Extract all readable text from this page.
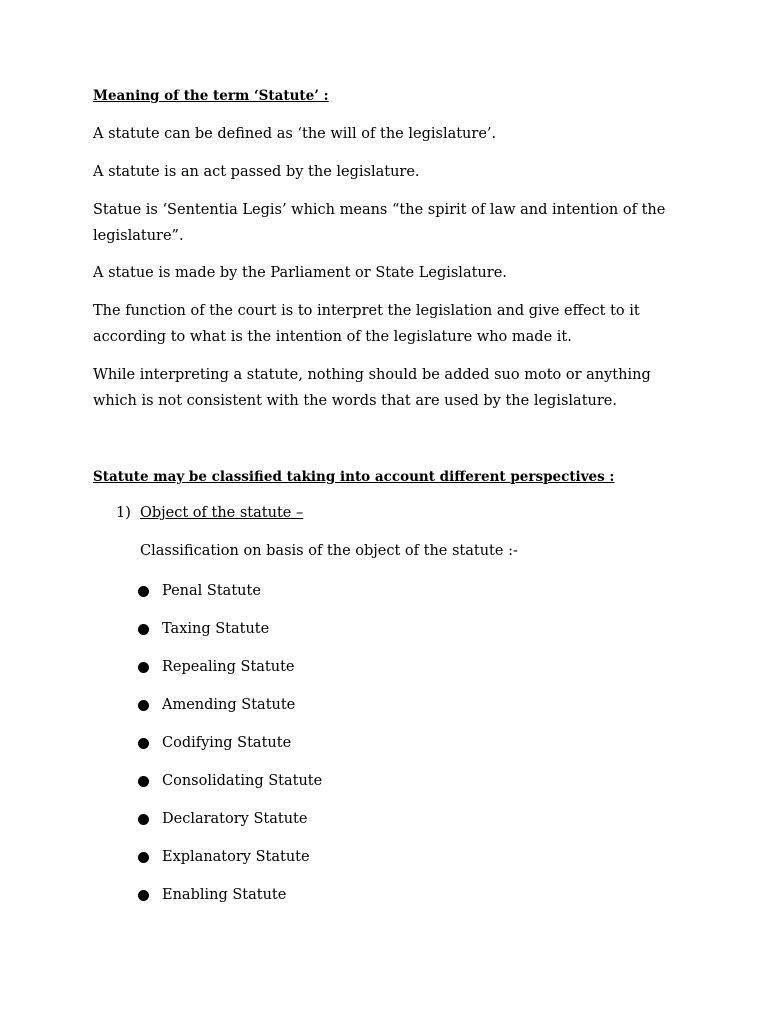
Meaning of the term ‘Statute’ :
A statute can be defined as ‘the will of the legislature’.
A statute is an act passed by the legislature.
Statue is ‘Sententia Legis’ which means “the spirit of law and intention of the legislature”.
A statue is made by the Parliament or State Legislature.
The function of the court is to interpret the legislation and give effect to it according to what is the intention of the legislature who made it.
While interpreting a statute, nothing should be added suo moto or anything which is not consistent with the words that are used by the legislature.
Statute may be classified taking into account different perspectives :
1) Object of the statute –
Classification on basis of the object of the statute :-
Penal Statute
Taxing Statute
Repealing Statute
Amending Statute
Codifying Statute
Consolidating Statute
Declaratory Statute
Explanatory Statute
Enabling Statute
